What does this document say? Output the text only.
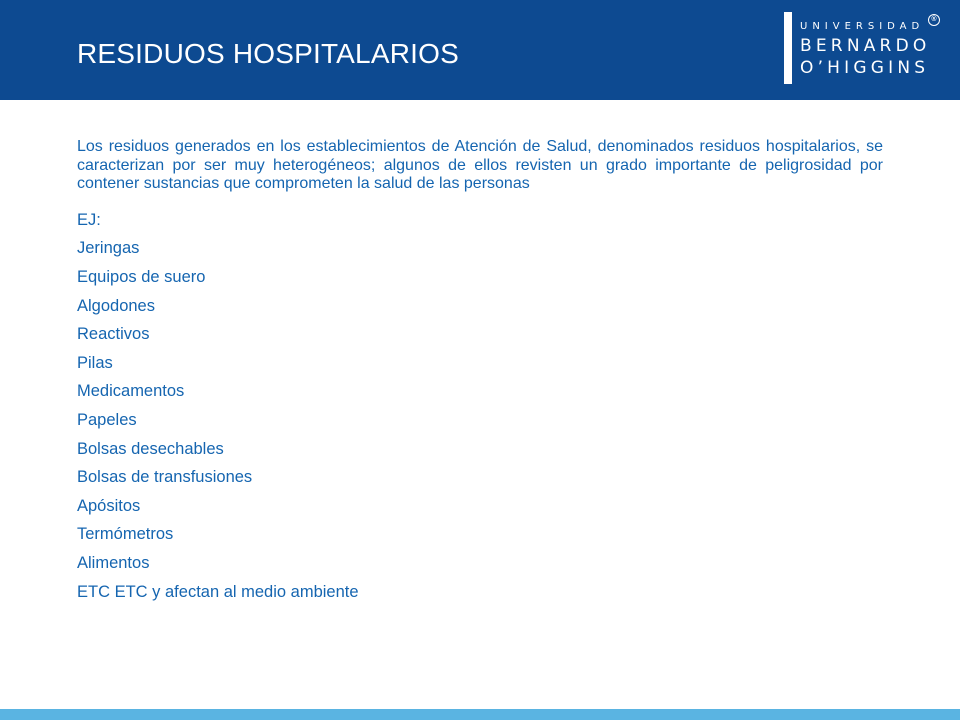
RESIDUOS HOSPITALARIOS

UNIVERSIDAD

BERNARDO

O’HIGGINS

®

Los residuos generados en los establecimientos de Atención de Salud, denominados residuos hospitalarios, se caracterizan por ser muy heterogéneos; algunos de ellos revisten un grado importante de peligrosidad por contener sustancias que comprometen la salud de las personas

EJ:
Jeringas
Equipos de suero
Algodones
Reactivos
Pilas
Medicamentos
Papeles
Bolsas desechables
Bolsas de transfusiones
Apósitos
Termómetros
Alimentos
ETC ETC y afectan al medio ambiente
